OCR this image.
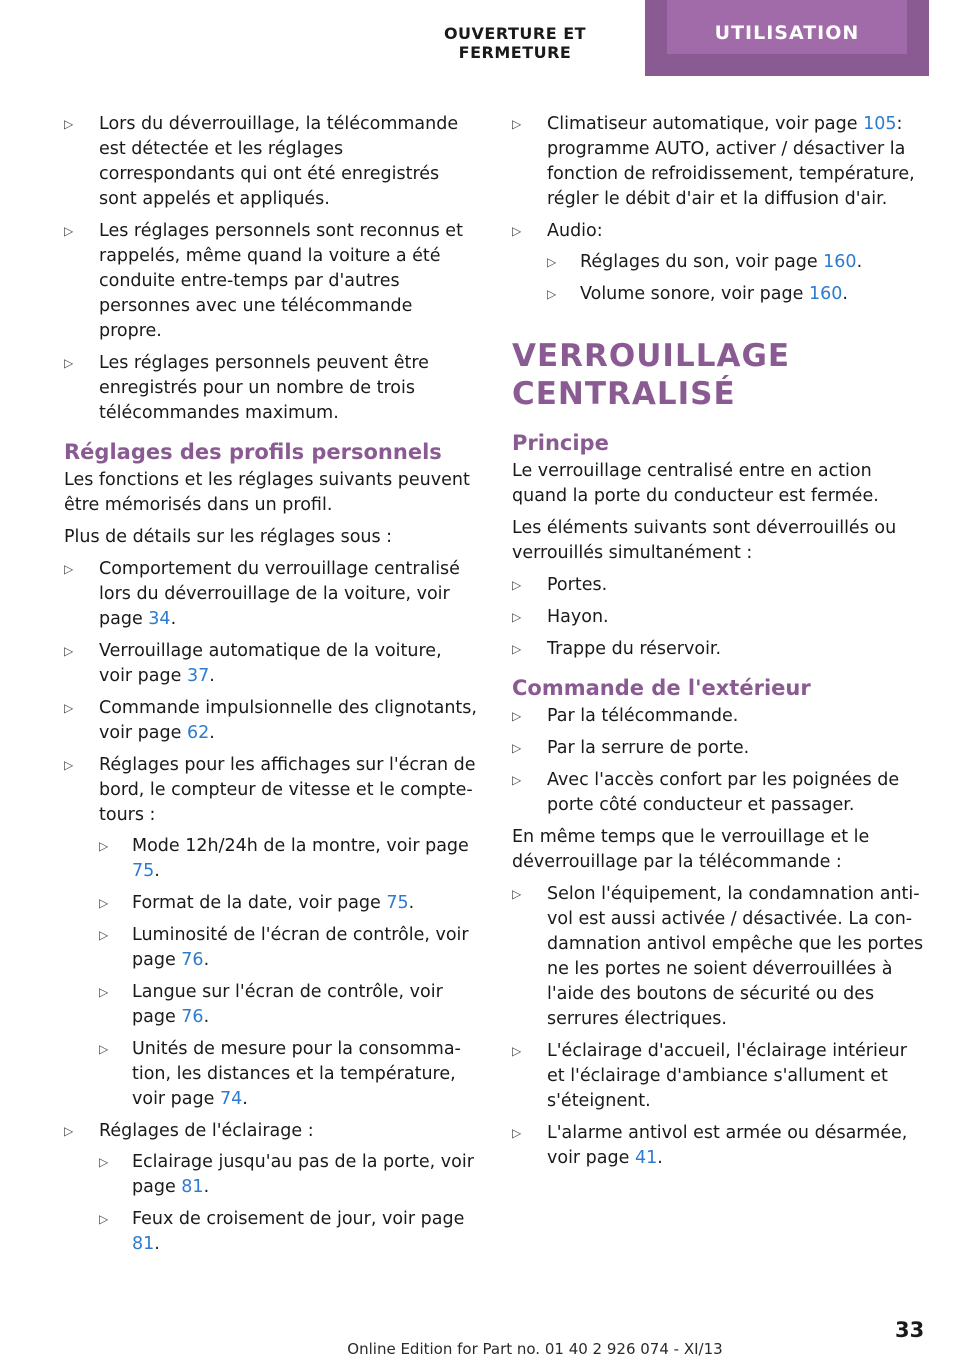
OUVERTURE ET FERMETURE
UTILISATION
▷ Lors du déverrouillage, la télécommande est détectée et les réglages correspondants qui ont été enregistrés sont appelés et appliqués.
▷ Les réglages personnels sont reconnus et rappelés, même quand la voiture a été conduite entre-temps par d'autres personnes avec une télécommande propre.
▷ Les réglages personnels peuvent être enregistrés pour un nombre de trois télécommandes maximum.
Réglages des profils personnels

Les fonctions et les réglages suivants peuvent être mémorisés dans un profil.

Plus de détails sur les réglages sous :

▷ Comportement du verrouillage centralisé lors du déverrouillage de la voiture, voir page 34.
▷ Verrouillage automatique de la voiture, voir page 37.
▷ Commande impulsionnelle des clignotants, voir page 62.
▷ Réglages pour les affichages sur l'écran de bord, le compteur de vitesse et le compte-tours :
▷ Mode 12h/24h de la montre, voir page 75.
▷ Format de la date, voir page 75.
▷ Luminosité de l'écran de contrôle, voir page 76.
▷ Langue sur l'écran de contrôle, voir page 76.
▷ Unités de mesure pour la consommation, les distances et la température, voir page 74.
▷ Réglages de l'éclairage :
▷ Eclairage jusqu'au pas de la porte, voir page 81.
▷ Feux de croisement de jour, voir page 81.
▷ Climatiseur automatique, voir page 105: programme AUTO, activer / désactiver la fonction de refroidissement, température, régler le débit d'air et la diffusion d'air.
▷ Audio:
▷ Réglages du son, voir page 160.
▷ Volume sonore, voir page 160.
VERROUILLAGE CENTRALISÉ
Principe

Le verrouillage centralisé entre en action quand la porte du conducteur est fermée.

Les éléments suivants sont déverrouillés ou verrouillés simultanément :

▷ Portes.
▷ Hayon.
▷ Trappe du réservoir.
Commande de l'extérieur
▷ Par la télécommande.
▷ Par la serrure de porte.
▷ Avec l'accès confort par les poignées de porte côté conducteur et passager.

En même temps que le verrouillage et le déverrouillage par la télécommande :

▷ Selon l'équipement, la condamnation antivol est aussi activée / désactivée. La condamnation antivol empêche que les portes ne les portes ne soient déverrouillées à l'aide des boutons de sécurité ou des serrures électriques.
▷ L'éclairage d'accueil, l'éclairage intérieur et l'éclairage d'ambiance s'allument et s'éteignent.
▷ L'alarme antivol est armée ou désarmée, voir page 41.
33
Online Edition for Part no. 01 40 2 926 074 - XI/13
